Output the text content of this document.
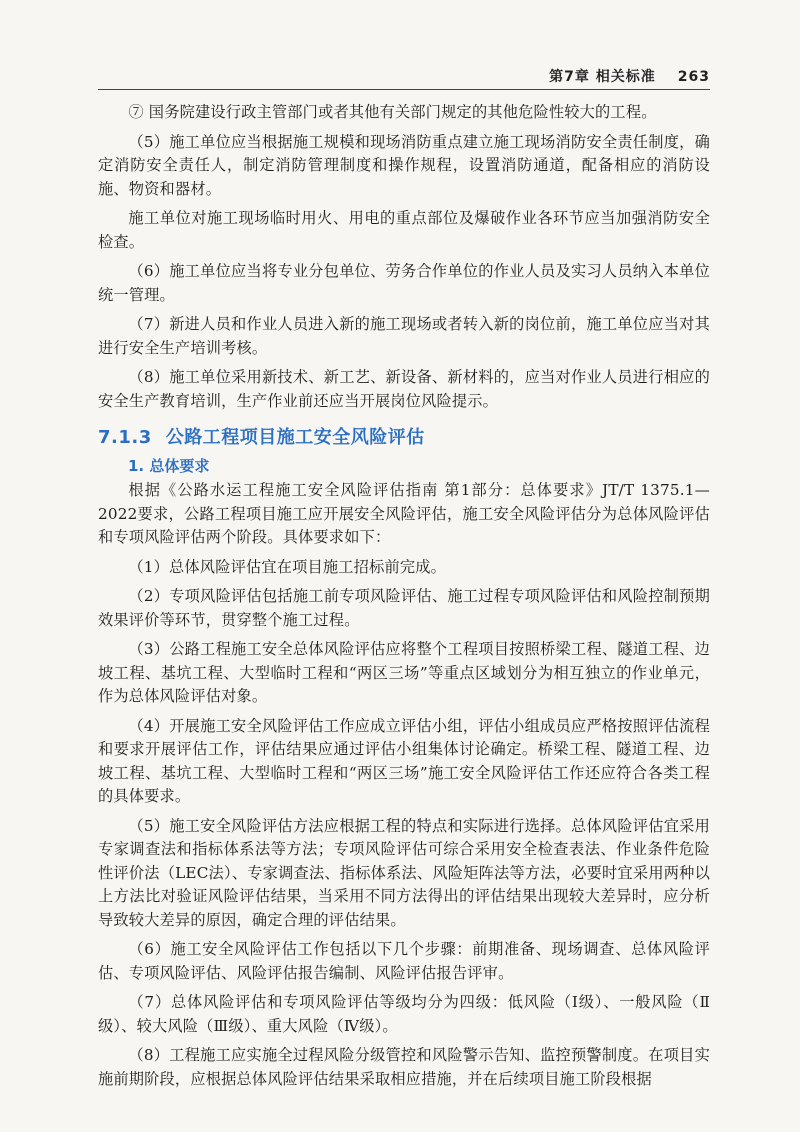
第7章 相关标准 263

⑦ 国务院建设行政主管部门或者其他有关部门规定的其他危险性较大的工程。

（5）施工单位应当根据施工规模和现场消防重点建立施工现场消防安全责任制度，确定消防安全责任人，制定消防管理制度和操作规程，设置消防通道，配备相应的消防设施、物资和器材。

施工单位对施工现场临时用火、用电的重点部位及爆破作业各环节应当加强消防安全检查。

（6）施工单位应当将专业分包单位、劳务合作单位的作业人员及实习人员纳入本单位统一管理。

（7）新进人员和作业人员进入新的施工现场或者转入新的岗位前，施工单位应当对其进行安全生产培训考核。

（8）施工单位采用新技术、新工艺、新设备、新材料的，应当对作业人员进行相应的安全生产教育培训，生产作业前还应当开展岗位风险提示。

7.1.3 公路工程项目施工安全风险评估
1. 总体要求

根据《公路水运工程施工安全风险评估指南 第1部分：总体要求》JT/T 1375.1—2022要求，公路工程项目施工应开展安全风险评估，施工安全风险评估分为总体风险评估和专项风险评估两个阶段。具体要求如下：

（1）总体风险评估宜在项目施工招标前完成。

（2）专项风险评估包括施工前专项风险评估、施工过程专项风险评估和风险控制预期效果评价等环节，贯穿整个施工过程。

（3）公路工程施工安全总体风险评估应将整个工程项目按照桥梁工程、隧道工程、边坡工程、基坑工程、大型临时工程和“两区三场”等重点区域划分为相互独立的作业单元，作为总体风险评估对象。

（4）开展施工安全风险评估工作应成立评估小组，评估小组成员应严格按照评估流程和要求开展评估工作，评估结果应通过评估小组集体讨论确定。桥梁工程、隧道工程、边坡工程、基坑工程、大型临时工程和“两区三场”施工安全风险评估工作还应符合各类工程的具体要求。

（5）施工安全风险评估方法应根据工程的特点和实际进行选择。总体风险评估宜采用专家调查法和指标体系法等方法；专项风险评估可综合采用安全检查表法、作业条件危险性评价法（LEC法）、专家调查法、指标体系法、风险矩阵法等方法，必要时宜采用两种以上方法比对验证风险评估结果，当采用不同方法得出的评估结果出现较大差异时，应分析导致较大差异的原因，确定合理的评估结果。

（6）施工安全风险评估工作包括以下几个步骤：前期准备、现场调查、总体风险评估、专项风险评估、风险评估报告编制、风险评估报告评审。

（7）总体风险评估和专项风险评估等级均分为四级：低风险（Ⅰ级）、一般风险（Ⅱ级）、较大风险（Ⅲ级）、重大风险（Ⅳ级）。

（8）工程施工应实施全过程风险分级管控和风险警示告知、监控预警制度。在项目实施前期阶段，应根据总体风险评估结果采取相应措施，并在后续项目施工阶段根据
